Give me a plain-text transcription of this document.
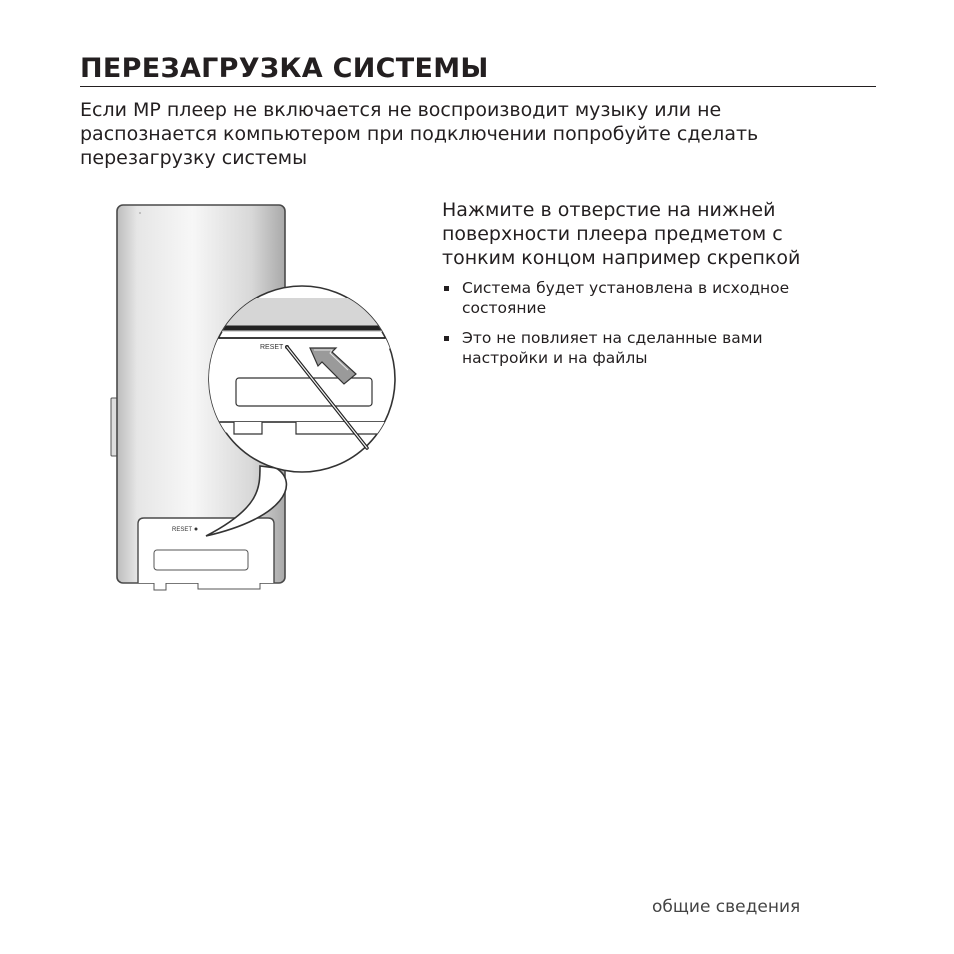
ПЕРЕЗАГРУЗКА СИСТЕМЫ

Если MP плеер не включается не воспроизводит музыку или не
распознается компьютером при подключении попробуйте сделать
перезагрузку системы

RESET
RESET

Нажмите в отверстие на нижней
поверхности плеера предметом с
тонким концом например скрепкой

Система будет установлена в исходное
состояние
Это не повлияет на сделанные вами
настройки и на файлы
общие сведения
